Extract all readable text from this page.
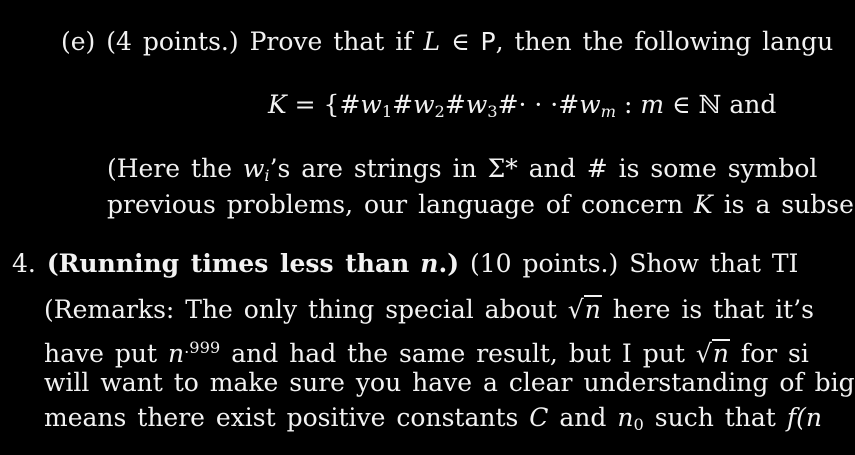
(e) (4 points.) Prove that if L ∈ P, then the following langu
$K = \{\#w_1\#w_2\#w_3\#\cdot$ · $\cdot\#w_m$ : m ∈ ℕ and
(Here the $w_i’s$ are strings in Σ* and # is some symbol
previous problems, our language of concern K is a subse
4. (Running times less than n.) (10 points.) Show that TI
(Remarks: The only thing special about √n here is that it’s
have put $n^{.999}$ and had the same result, but I put √n for si
will want to make sure you have a clear understanding of big
means there exist positive constants C and $n_0$ such that f(n
